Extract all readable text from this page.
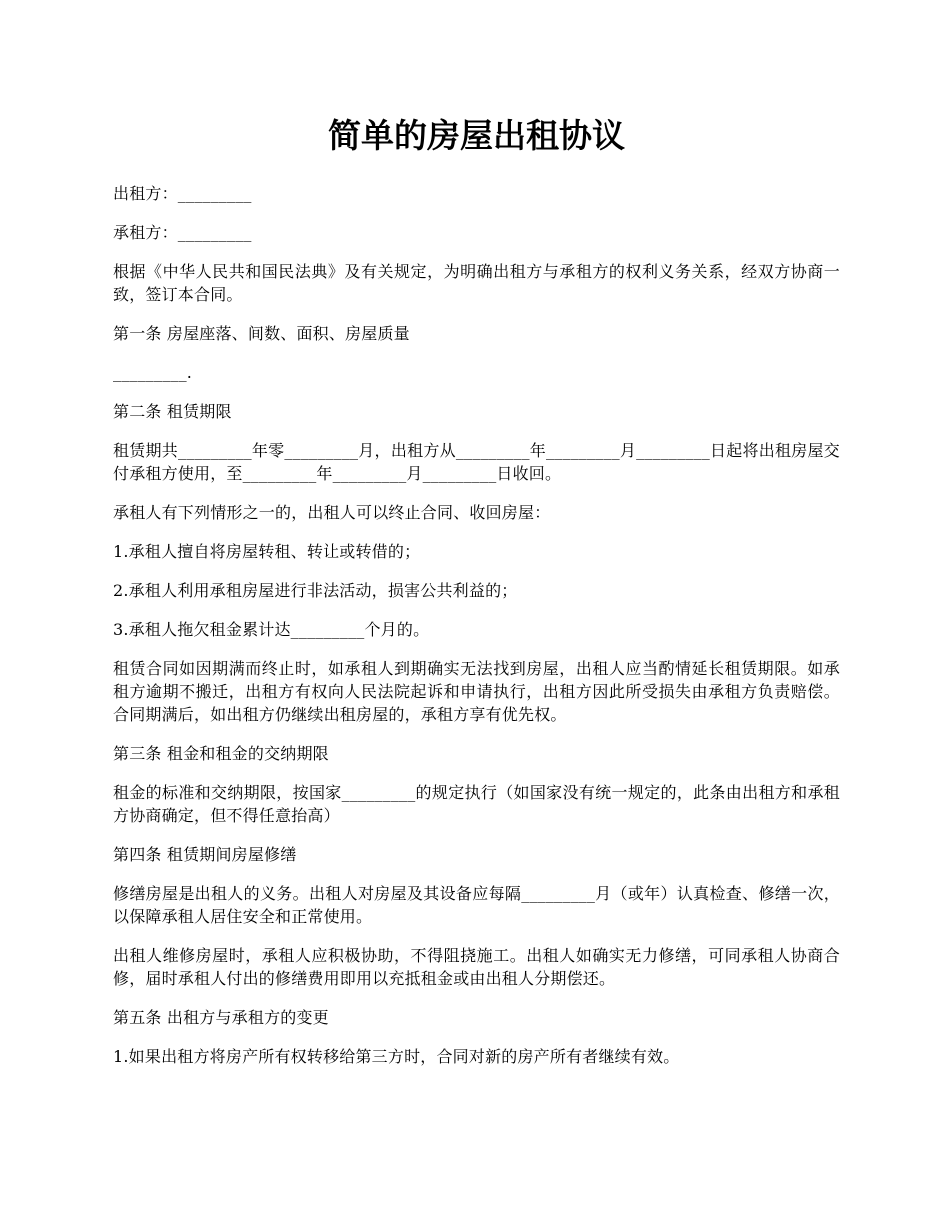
简单的房屋出租协议

出租方：_________

承租方：_________

根据《中华人民共和国民法典》及有关规定，为明确出租方与承租方的权利义务关系，经双方协商一致，签订本合同。

第一条 房屋座落、间数、面积、房屋质量

_________.

第二条 租赁期限

租赁期共_________年零_________月，出租方从_________年_________月_________日起将出租房屋交付承租方使用，至_________年_________月_________日收回。

承租人有下列情形之一的，出租人可以终止合同、收回房屋：

1.承租人擅自将房屋转租、转让或转借的；

2.承租人利用承租房屋进行非法活动，损害公共利益的；

3.承租人拖欠租金累计达_________个月的。

租赁合同如因期满而终止时，如承租人到期确实无法找到房屋，出租人应当酌情延长租赁期限。如承租方逾期不搬迁，出租方有权向人民法院起诉和申请执行，出租方因此所受损失由承租方负责赔偿。合同期满后，如出租方仍继续出租房屋的，承租方享有优先权。

第三条 租金和租金的交纳期限

租金的标准和交纳期限，按国家_________的规定执行（如国家没有统一规定的，此条由出租方和承租方协商确定，但不得任意抬高）

第四条 租赁期间房屋修缮

修缮房屋是出租人的义务。出租人对房屋及其设备应每隔_________月（或年）认真检查、修缮一次，以保障承租人居住安全和正常使用。

出租人维修房屋时，承租人应积极协助，不得阻挠施工。出租人如确实无力修缮，可同承租人协商合修，届时承租人付出的修缮费用即用以充抵租金或由出租人分期偿还。

第五条 出租方与承租方的变更

1.如果出租方将房产所有权转移给第三方时，合同对新的房产所有者继续有效。
